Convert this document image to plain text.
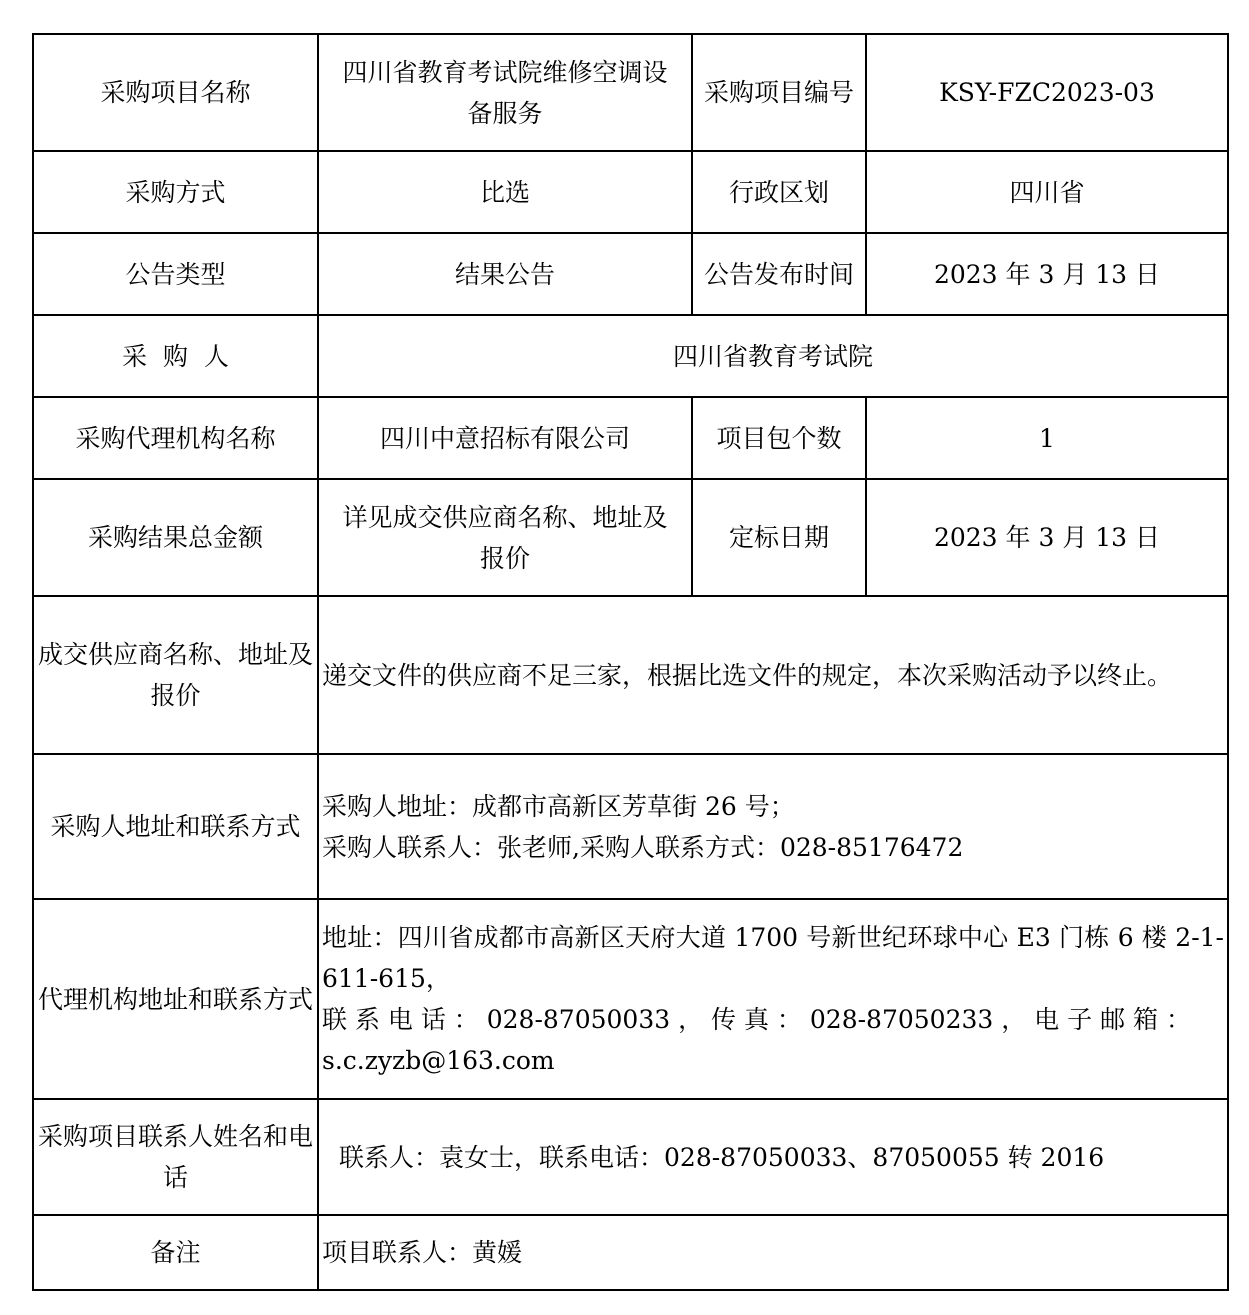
采购项目名称	四川省教育考试院维修空调设备服务	采购项目编号	KSY-FZC2023-03
采购方式	比选	行政区划	四川省
公告类型	结果公告	公告发布时间	2023 年 3 月 13 日
采  购  人	四川省教育考试院		
采购代理机构名称	四川中意招标有限公司	项目包个数	1
采购结果总金额	详见成交供应商名称、地址及报价	定标日期	2023 年 3 月 13 日
成交供应商名称、地址及报价	递交文件的供应商不足三家，根据比选文件的规定，本次采购活动予以终止。		
采购人地址和联系方式	采购人地址：成都市高新区芳草街 26 号；
采购人联系人：张老师,采购人联系方式：028-85176472		

代理机构地址和联系方式	地址：四川省成都市高新区天府大道 1700 号新世纪环球中心 E3 门栋 6 楼 2-1-611-615，
联 系 电 话 ： 028-87050033 ， 传 真 ： 028-87050233 ， 电 子 邮 箱 ：
s.c.zyzb@163.com		

采购项目联系人姓名和电话	联系人：袁女士，联系电话：028-87050033、87050055 转 2016		
备注	项目联系人：黄媛		
